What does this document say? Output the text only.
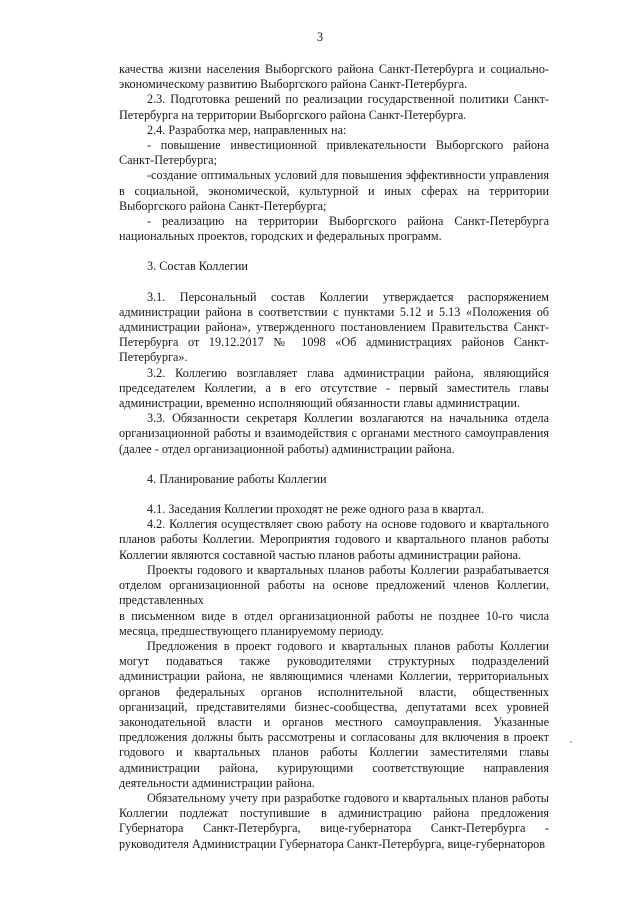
3

качества жизни населения Выборгского района Санкт-Петербурга и социально-экономическому развитию Выборгского района Санкт-Петербурга.

2.3. Подготовка решений по реализации государственной политики Санкт-Петербурга на территории Выборгского района Санкт-Петербурга.

2.4. Разработка мер, направленных на:

- повышение инвестиционной привлекательности Выборгского района Санкт-Петербурга;

-создание оптимальных условий для повышения эффективности управления в социальной, экономической, культурной и иных сферах на территории Выборгского района Санкт-Петербурга;

- реализацию на территории Выборгского района Санкт-Петербурга национальных проектов, городских и федеральных программ.

3. Состав Коллегии

3.1. Персональный состав Коллегии утверждается распоряжением администрации района в соответствии с пунктами 5.12 и 5.13 «Положения об администрации района», утвержденного постановлением Правительства Санкт-Петербурга от 19.12.2017 № 1098 «Об администрациях районов Санкт-Петербурга».

3.2. Коллегию возглавляет глава администрации района, являющийся председателем Коллегии, а в его отсутствие - первый заместитель главы администрации, временно исполняющий обязанности главы администрации.

3.3. Обязанности секретаря Коллегии возлагаются на начальника отдела организационной работы и взаимодействия с органами местного самоуправления (далее - отдел организационной работы) администрации района.

4. Планирование работы Коллегии

4.1. Заседания Коллегии проходят не реже одного раза в квартал.

4.2. Коллегия осуществляет свою работу на основе годового и квартального планов работы Коллегии. Мероприятия годового и квартального планов работы Коллегии являются составной частью планов работы администрации района.

Проекты годового и квартальных планов работы Коллегии разрабатывается отделом организационной работы на основе предложений членов Коллегии, представленных

в письменном виде в отдел организационной работы не позднее 10-го числа месяца, предшествующего планируемому периоду.

Предложения в проект годового и квартальных планов работы Коллегии могут подаваться также руководителями структурных подразделений администрации района, не являющимися членами Коллегии, территориальных органов федеральных органов исполнительной власти, общественных организаций, представителями бизнес-сообщества, депутатами всех уровней законодательной власти и органов местного самоуправления. Указанные предложения должны быть рассмотрены и согласованы для включения в проект годового и квартальных планов работы Коллегии заместителями главы администрации района, курирующими соответствующие направления деятельности администрации района.

Обязательному учету при разработке годового и квартальных планов работы Коллегии подлежат поступившие в администрацию района предложения Губернатора Санкт-Петербурга, вице-губернатора Санкт-Петербурга - руководителя Администрации Губернатора Санкт-Петербурга, вице-губернаторов
